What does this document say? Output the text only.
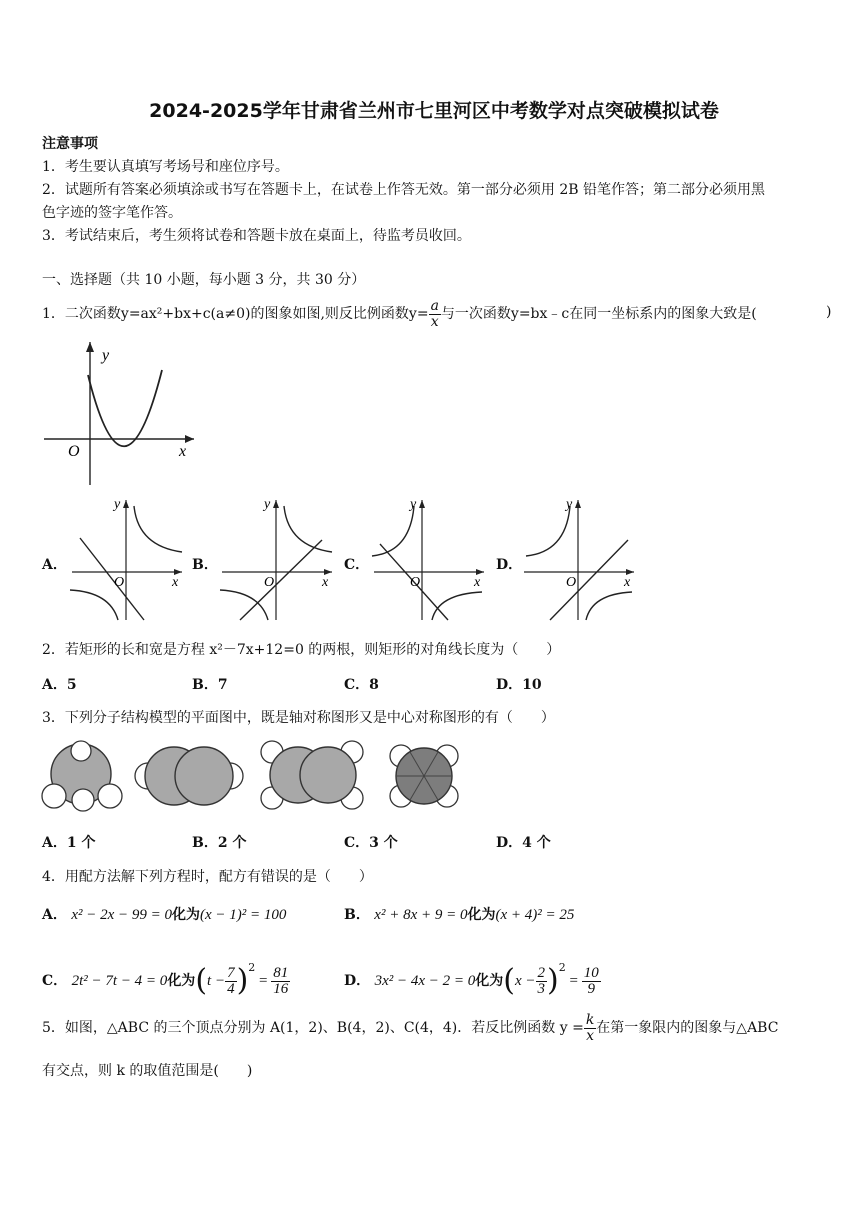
2024-2025学年甘肃省兰州市七里河区中考数学对点突破模拟试卷
注意事项
1．考生要认真填写考场号和座位序号。
2．试题所有答案必须填涂或书写在答题卡上，在试卷上作答无效。第一部分必须用 2B 铅笔作答；第二部分必须用黑
色字迹的签字笔作答。
3．考试结束后，考生须将试卷和答题卡放在桌面上，待监考员收回。
一、选择题（共 10 小题，每小题 3 分，共 30 分）
1．二次函数y=ax²+bx+c(a≠0)的图象如图,则反比例函数$y= \frac{a}{x}$ 与一次函数y=bx﹣c在同一坐标系内的图象大致是(	)
y
O	x
A．
y
O	x
B．
y
O	x
C．
y
O	x
D．
y
O	x
2．若矩形的长和宽是方程 x²－7x+12=0 的两根，则矩形的对角线长度为（　　）
A．5	B．7	C．8	D．10
3．下列分子结构模型的平面图中，既是轴对称图形又是中心对称图形的有（　　）
A．1 个	B．2 个	C．3 个	D．4 个
4．用配方法解下列方程时，配方有错误的是（　　）
A． x² − 2x − 99 = 0化为(x − 1)² = 100	B． x² + 8x + 9 = 0化为(x + 4)² = 25
C． 2t² − 7t − 4 = 0化为$(t - \frac{7}{4} )^2 = \frac{81}{16}$	D． 3x² − 4x − 2 = 0化为$(x - \frac{2}{3} )^2 = \frac{10}{9}$
5．如图，△ABC 的三个顶点分别为 A(1，2)、B(4，2)、C(4，4)．若反比例函数 $y = \frac{k}{x}$ 在第一象限内的图象与△ABC
有交点，则 k 的取值范围是(　　)
